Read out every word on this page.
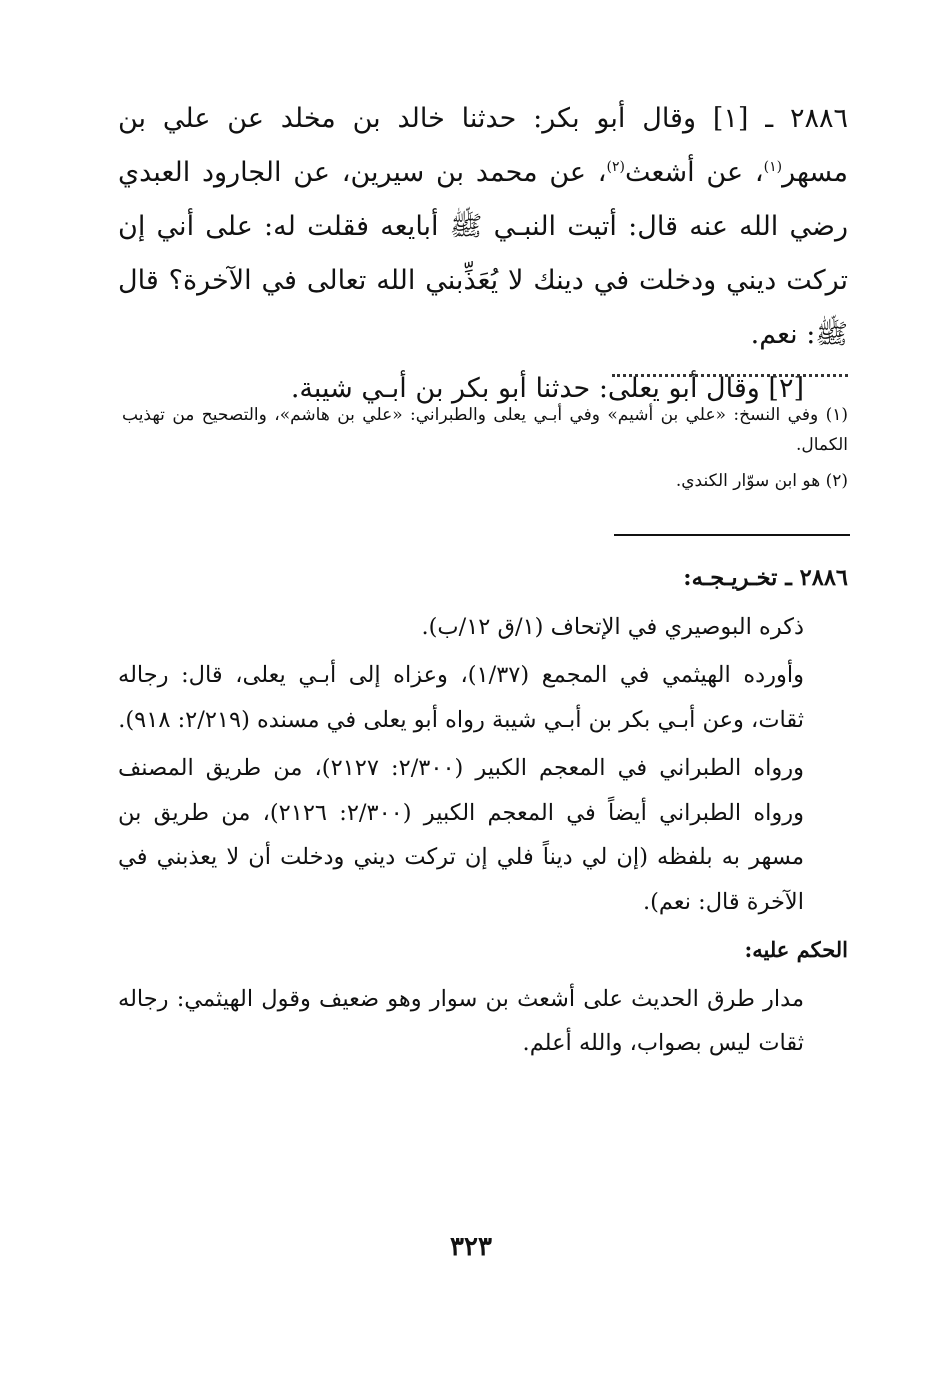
٢٨٨٦ ـ [١] وقال أبو بكر: حدثنا خالد بن مخلد عن علي بن مسهر$^{(١)}$، عن أشعث$^{(٢)}$، عن محمد بن سيرين، عن الجارود العبدي رضي الله عنه قال: أتيت النبـي ﷺ أبايعه فقلت له: على أني إن تركت ديني ودخلت في دينك لا يُعَذِّبني الله تعالى في الآخرة؟ قال ﷺ: نعم.

[٢] وقال أبو يعلى: حدثنا أبو بكر بن أبـي شيبة.

(١) وفي النسخ: «علي بن أشيم» وفي أبـي يعلى والطبراني: «علي بن هاشم»، والتصحيح من تهذيب الكمال.

(٢) هو ابن سوّار الكندي.

٢٨٨٦ ـ تخـريـجـه:

ذكره البوصيري في الإتحاف (١/ق ١٢/ب).

وأورده الهيثمي في المجمع (١/٣٧)، وعزاه إلى أبـي يعلى، قال: رجاله ثقات، وعن أبـي بكر بن أبـي شيبة رواه أبو يعلى في مسنده (٢/٢١٩: ٩١٨).

ورواه الطبراني في المعجم الكبير (٢/٣٠٠: ٢١٢٧)، من طريق المصنف ورواه الطبراني أيضاً في المعجم الكبير (٢/٣٠٠: ٢١٢٦)، من طريق بن مسهر به بلفظه (إن لي ديناً فلي إن تركت ديني ودخلت أن لا يعذبني في الآخرة قال: نعم).

الحكم عليه:

مدار طرق الحديث على أشعث بن سوار وهو ضعيف وقول الهيثمي: رجاله ثقات ليس بصواب، والله أعلم.

٣٢٣
